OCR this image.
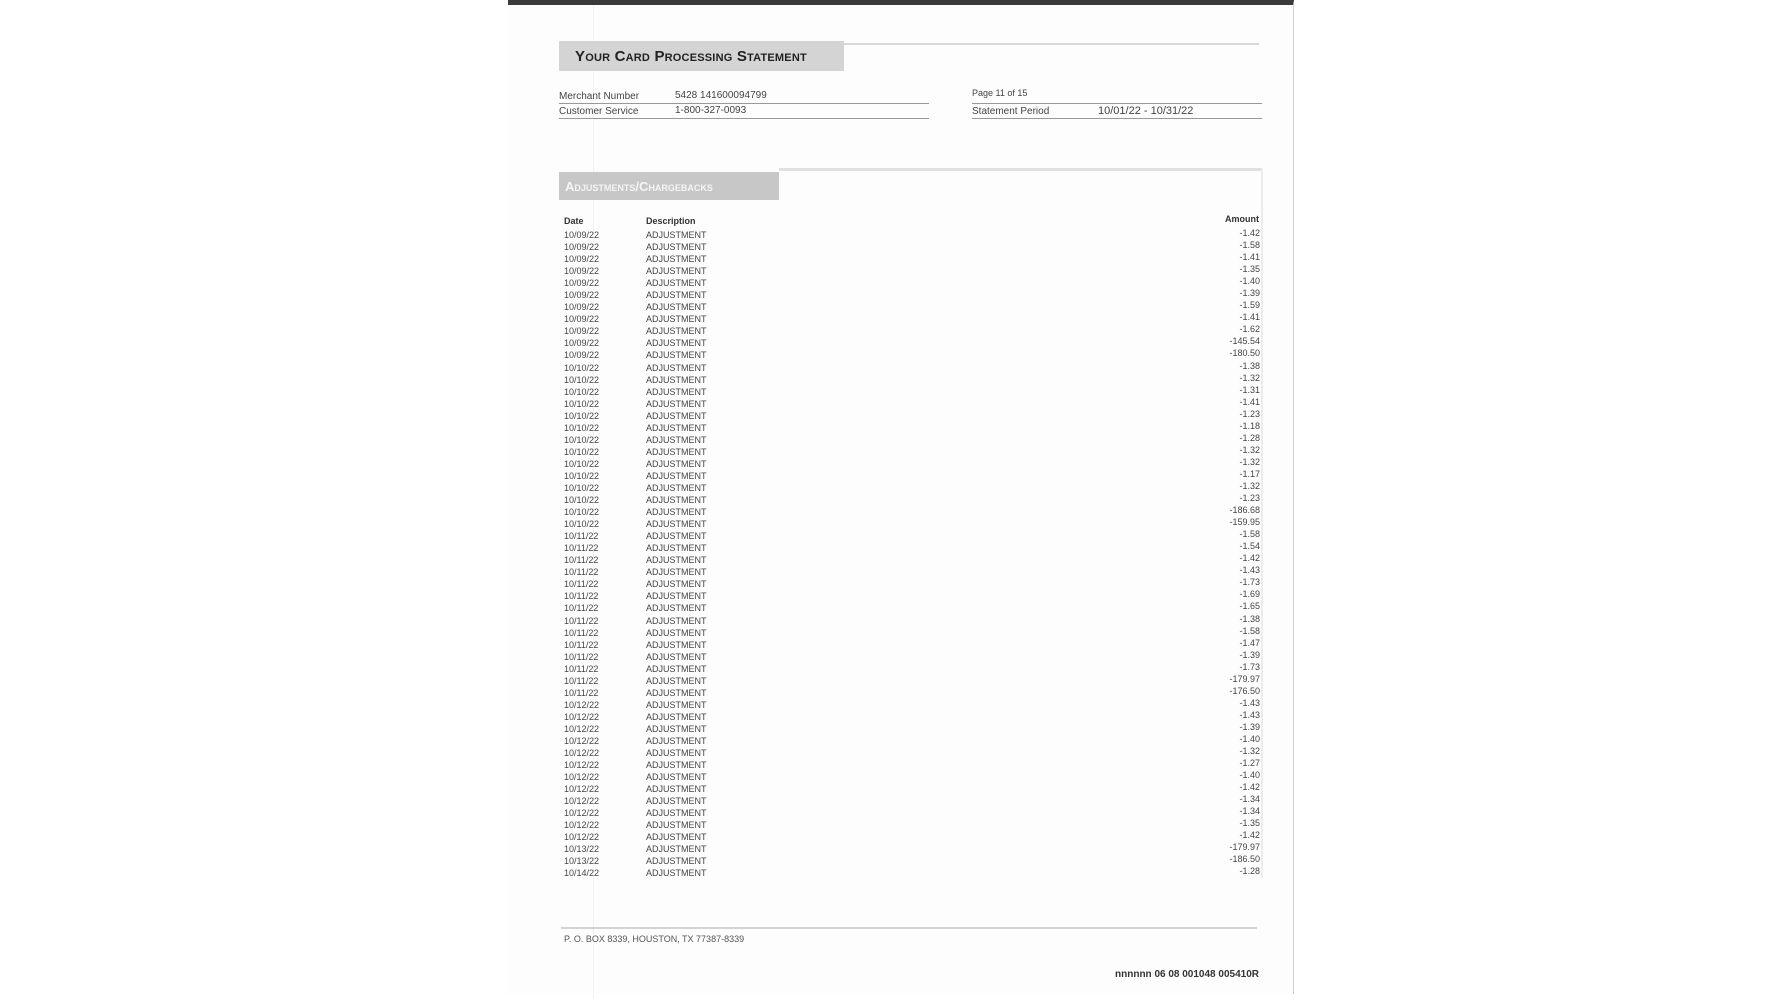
Your Card Processing Statement
Merchant Number	5428 141600094799
Customer Service	1-800-327-0093
Page 11 of 15
Statement Period	10/01/22 - 10/31/22
Adjustments/Chargebacks
Date	Description	Amount
10/09/22	ADJUSTMENT	-1.42
10/09/22	ADJUSTMENT	-1.58
10/09/22	ADJUSTMENT	-1.41
10/09/22	ADJUSTMENT	-1.35
10/09/22	ADJUSTMENT	-1.40
10/09/22	ADJUSTMENT	-1.39
10/09/22	ADJUSTMENT	-1.59
10/09/22	ADJUSTMENT	-1.41
10/09/22	ADJUSTMENT	-1.62
10/09/22	ADJUSTMENT	-145.54
10/09/22	ADJUSTMENT	-180.50
10/10/22	ADJUSTMENT	-1.38
10/10/22	ADJUSTMENT	-1.32
10/10/22	ADJUSTMENT	-1.31
10/10/22	ADJUSTMENT	-1.41
10/10/22	ADJUSTMENT	-1.23
10/10/22	ADJUSTMENT	-1.18
10/10/22	ADJUSTMENT	-1.28
10/10/22	ADJUSTMENT	-1.32
10/10/22	ADJUSTMENT	-1.32
10/10/22	ADJUSTMENT	-1.17
10/10/22	ADJUSTMENT	-1.32
10/10/22	ADJUSTMENT	-1.23
10/10/22	ADJUSTMENT	-186.68
10/10/22	ADJUSTMENT	-159.95
10/11/22	ADJUSTMENT	-1.58
10/11/22	ADJUSTMENT	-1.54
10/11/22	ADJUSTMENT	-1.42
10/11/22	ADJUSTMENT	-1.43
10/11/22	ADJUSTMENT	-1.73
10/11/22	ADJUSTMENT	-1.69
10/11/22	ADJUSTMENT	-1.65
10/11/22	ADJUSTMENT	-1.38
10/11/22	ADJUSTMENT	-1.58
10/11/22	ADJUSTMENT	-1.47
10/11/22	ADJUSTMENT	-1.39
10/11/22	ADJUSTMENT	-1.73
10/11/22	ADJUSTMENT	-179.97
10/11/22	ADJUSTMENT	-176.50
10/12/22	ADJUSTMENT	-1.43
10/12/22	ADJUSTMENT	-1.43
10/12/22	ADJUSTMENT	-1.39
10/12/22	ADJUSTMENT	-1.40
10/12/22	ADJUSTMENT	-1.32
10/12/22	ADJUSTMENT	-1.27
10/12/22	ADJUSTMENT	-1.40
10/12/22	ADJUSTMENT	-1.42
10/12/22	ADJUSTMENT	-1.34
10/12/22	ADJUSTMENT	-1.34
10/12/22	ADJUSTMENT	-1.35
10/12/22	ADJUSTMENT	-1.42
10/13/22	ADJUSTMENT	-179.97
10/13/22	ADJUSTMENT	-186.50
10/14/22	ADJUSTMENT	-1.28
P. O. BOX 8339, HOUSTON, TX 77387-8339
nnnnnn 06 08 001048 005410R
